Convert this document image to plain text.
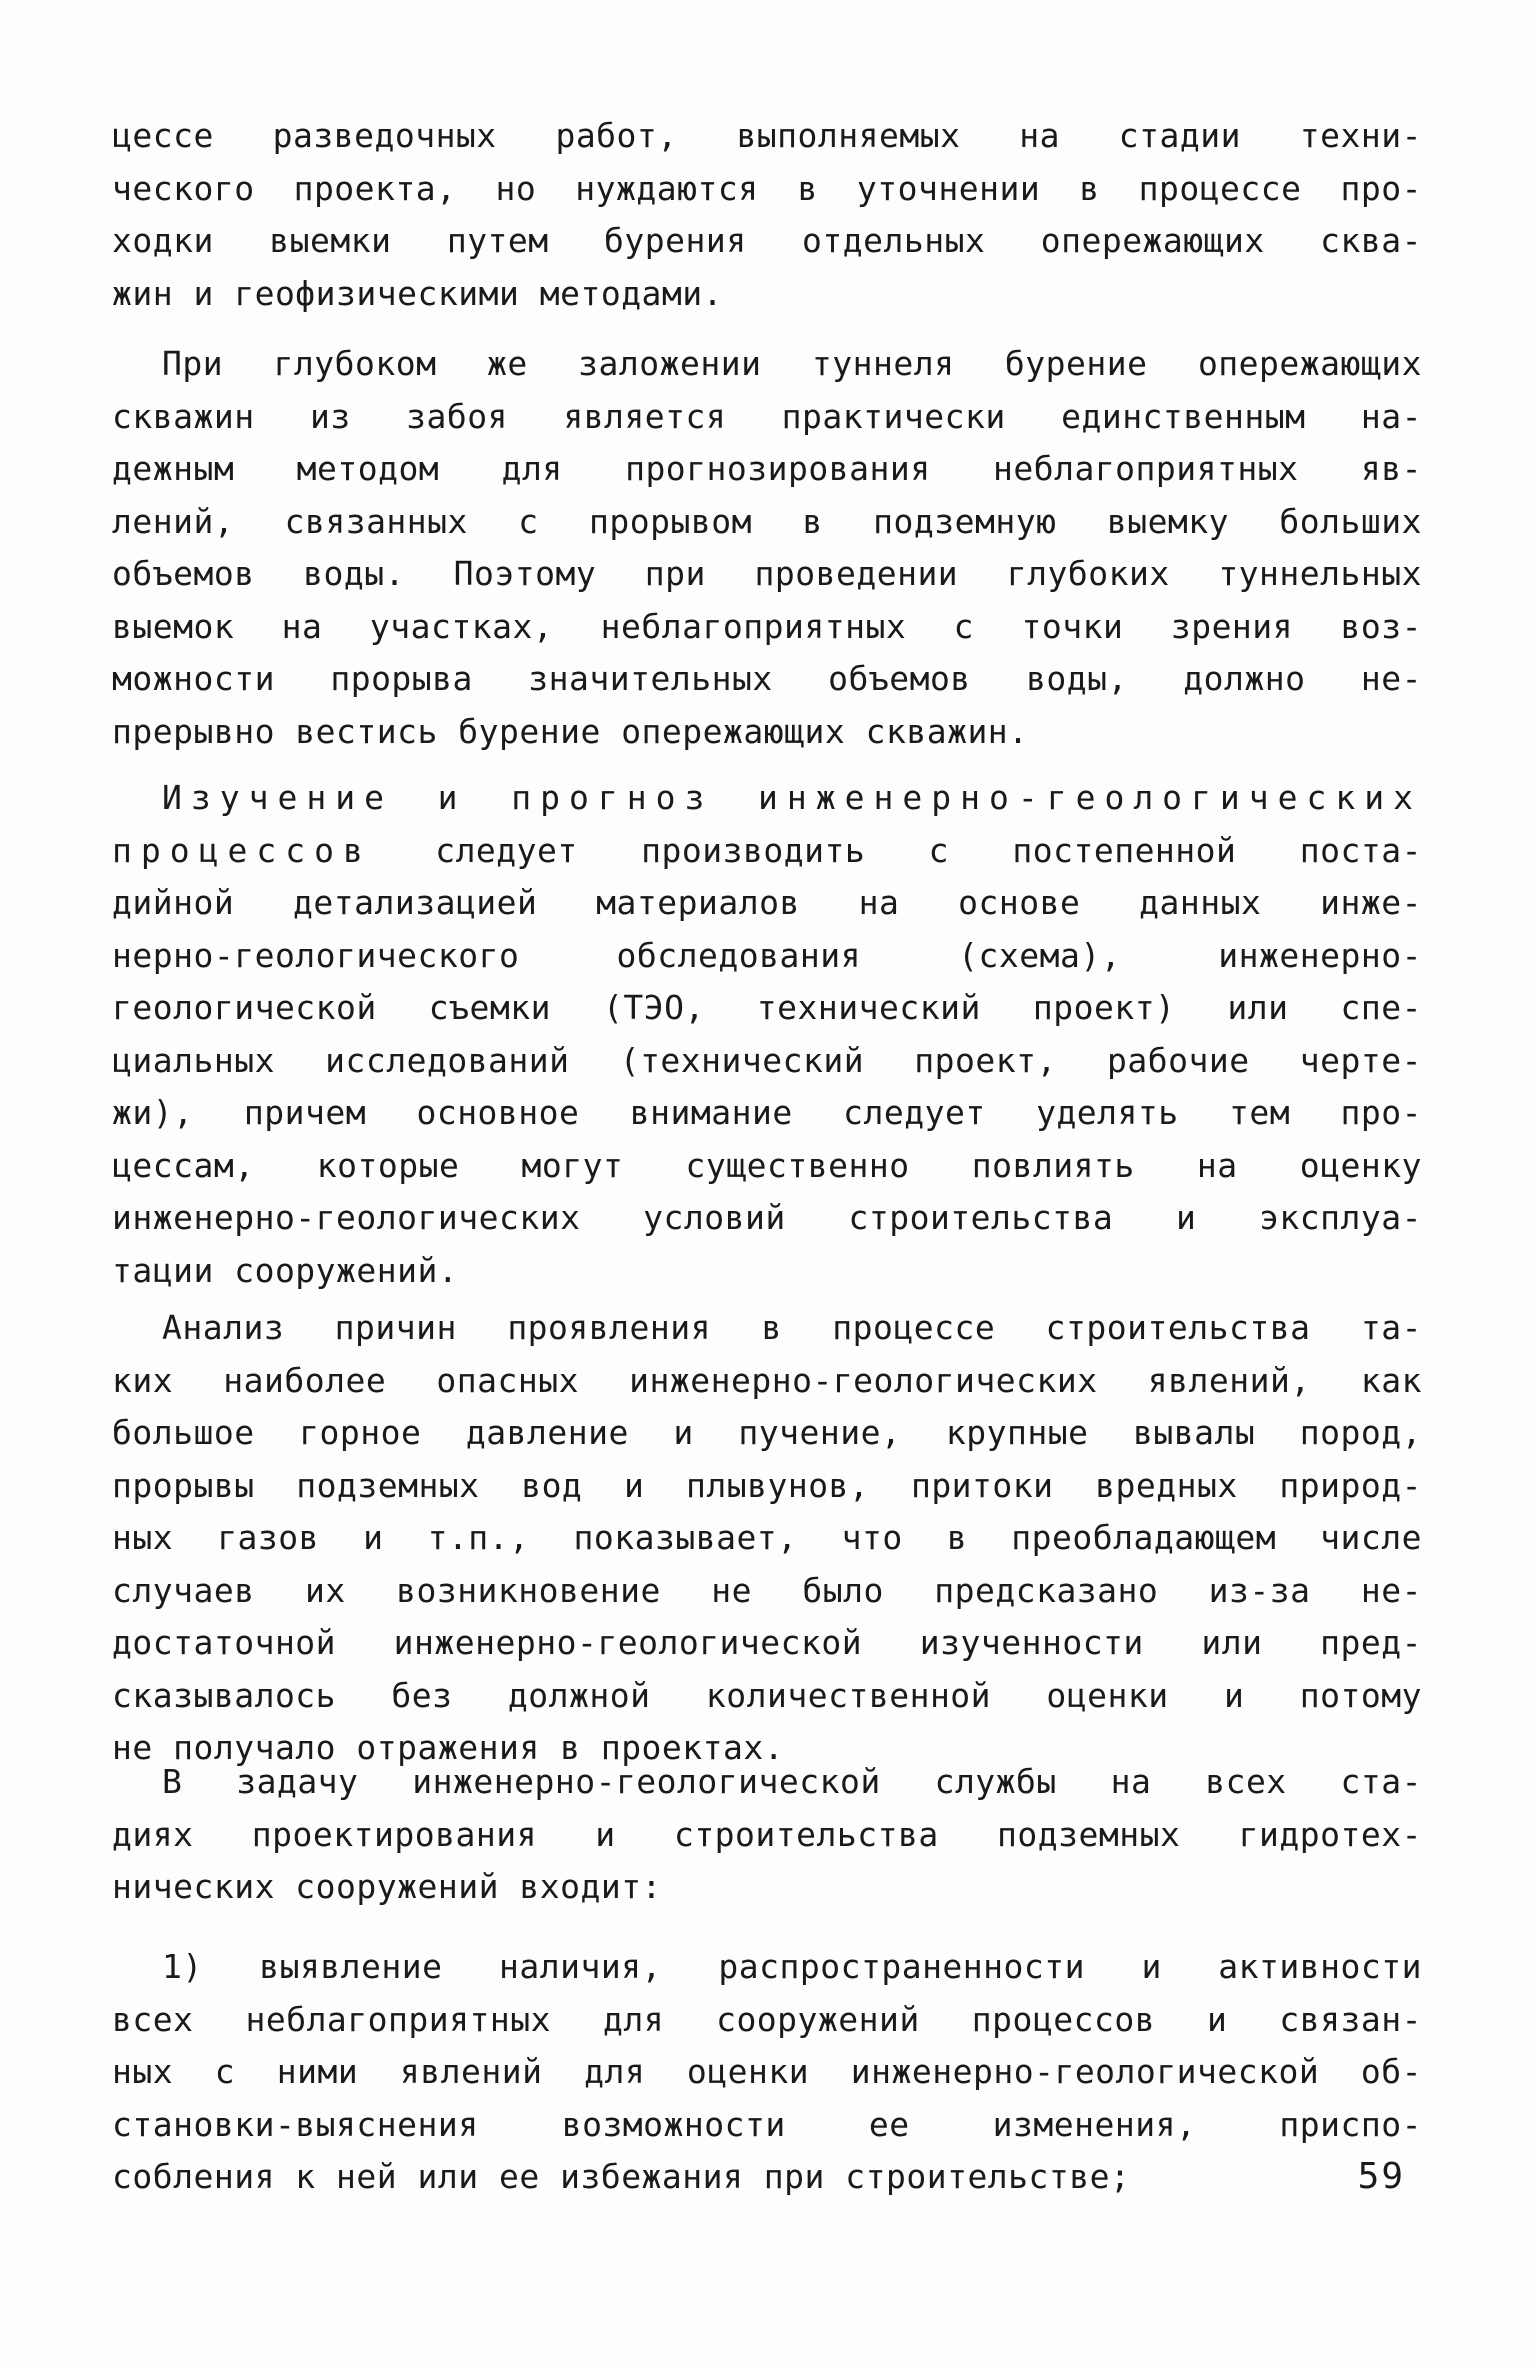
цессе разведочных работ, выполняемых на стадии техни-
ческого проекта, но нуждаются в уточнении в процессе про-
ходки выемки путем бурения отдельных опережающих сква-
жин и геофизическими методами.
При глубоком же заложении туннеля бурение опережающих
скважин из забоя является практически единственным на-
дежным методом для прогнозирования неблагоприятных яв-
лений, связанных с прорывом в подземную выемку больших
объемов воды. Поэтому при проведении глубоких туннельных
выемок на участках, неблагоприятных с точки зрения воз-
можности прорыва значительных объемов воды, должно не-
прерывно вестись бурение опережающих скважин.
Изучение и прогноз инженерно-геологических
процессов следует производить с постепенной поста-
дийной детализацией материалов на основе данных инже-
нерно-геологического обследования (схема), инженерно-
геологической съемки (ТЭО, технический проект) или спе-
циальных исследований (технический проект, рабочие черте-
жи), причем основное внимание следует уделять тем про-
цессам, которые могут существенно повлиять на оценку
инженерно-геологических условий строительства и эксплуа-
тации сооружений.
Анализ причин проявления в процессе строительства та-
ких наиболее опасных инженерно-геологических явлений, как
большое горное давление и пучение, крупные вывалы пород,
прорывы подземных вод и плывунов, притоки вредных природ-
ных газов и т.п., показывает, что в преобладающем числе
случаев их возникновение не было предсказано из-за не-
достаточной инженерно-геологической изученности или пред-
сказывалось без должной количественной оценки и потому
не получало отражения в проектах.
В задачу инженерно-геологической службы на всех ста-
диях проектирования и строительства подземных гидротех-
нических сооружений входит:
1) выявление наличия, распространенности и активности
всех неблагоприятных для сооружений процессов и связан-
ных с ними явлений для оценки инженерно-геологической об-
становки-выяснения возможности ее изменения, приспо-
собления к ней или ее избежания при строительстве;	59
